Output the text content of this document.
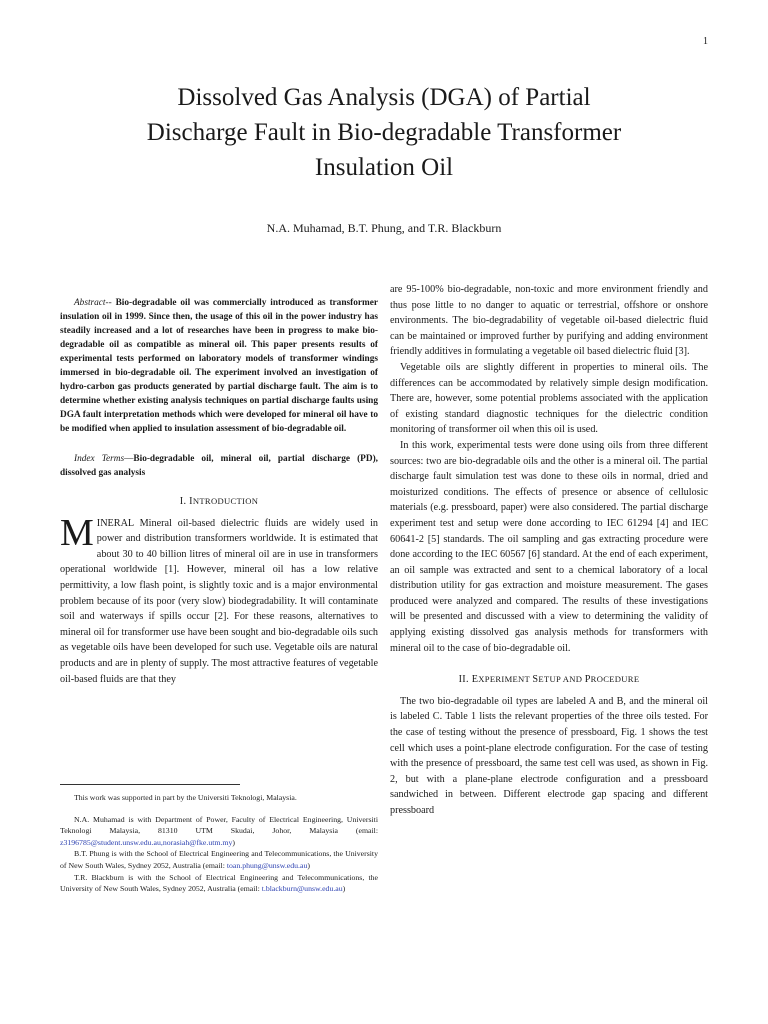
1
Dissolved Gas Analysis (DGA) of Partial
Discharge Fault in Bio-degradable Transformer
Insulation Oil
N.A. Muhamad, B.T. Phung, and T.R. Blackburn

Abstract-- Bio-degradable oil was commercially introduced as transformer insulation oil in 1999. Since then, the usage of this oil in the power industry has steadily increased and a lot of researches have been in progress to make bio-degradable oil as compatible as mineral oil. This paper presents results of experimental tests performed on laboratory models of transformer windings immersed in bio-degradable oil. The experiment involved an investigation of hydro-carbon gas products generated by partial discharge fault. The aim is to determine whether existing analysis techniques on partial discharge faults using DGA fault interpretation methods which were developed for mineral oil have to be modified when applied to insulation assessment of bio-degradable oil.

Index Terms—Bio-degradable oil, mineral oil, partial discharge (PD), dissolved gas analysis

I. INTRODUCTION

MINERAL Mineral oil-based dielectric fluids are widely used in power and distribution transformers worldwide. It is estimated that about 30 to 40 billion litres of mineral oil are in use in transformers operational worldwide [1]. However, mineral oil has a low relative permittivity, a low flash point, is slightly toxic and is a major environmental problem because of its poor (very slow) biodegradability. It will contaminate soil and waterways if spills occur [2]. For these reasons, alternatives to mineral oil for transformer use have been sought and bio-degradable oils such as vegetable oils have been developed for such use. Vegetable oils are natural products and are in plenty of supply. The most attractive features of vegetable oil-based fluids are that they

This work was supported in part by the Universiti Teknologi, Malaysia.

N.A. Muhamad is with Department of Power, Faculty of Electrical Engineering, Universiti Teknologi Malaysia, 81310 UTM Skudai, Johor, Malaysia (email: z3196785@student.unsw.edu.au,norasiah@fke.utm.my)

B.T. Phung is with the School of Electrical Engineering and Telecommunications, the University of New South Wales, Sydney 2052, Australia (email: toan.phung@unsw.edu.au)

T.R. Blackburn is with the School of Electrical Engineering and Telecommunications, the University of New South Wales, Sydney 2052, Australia (email: t.blackburn@unsw.edu.au)

are 95-100% bio-degradable, non-toxic and more environment friendly and thus pose little to no danger to aquatic or terrestrial, offshore or onshore environments. The bio-degradability of vegetable oil-based dielectric fluid can be maintained or improved further by purifying and adding environment friendly additives in formulating a vegetable oil based dielectric fluid [3].

Vegetable oils are slightly different in properties to mineral oils. The differences can be accommodated by relatively simple design modification. There are, however, some potential problems associated with the application of existing standard diagnostic techniques for the dielectric condition monitoring of transformer oil when this oil is used.

In this work, experimental tests were done using oils from three different sources: two are bio-degradable oils and the other is a mineral oil. The partial discharge fault simulation test was done to these oils in normal, dried and moisturized conditions. The effects of presence or absence of cellulosic materials (e.g. pressboard, paper) were also considered. The partial discharge experiment test and setup were done according to IEC 61294 [4] and IEC 60641-2 [5] standards. The oil sampling and gas extracting procedure were done according to the IEC 60567 [6] standard. At the end of each experiment, an oil sample was extracted and sent to a chemical laboratory of a local distribution utility for gas extraction and moisture measurement. The gases produced were analyzed and compared. The results of these investigations will be presented and discussed with a view to determining the validity of applying existing dissolved gas analysis methods for transformers with mineral oil to the case of bio-degradable oil.

II. EXPERIMENT SETUP AND PROCEDURE

The two bio-degradable oil types are labeled A and B, and the mineral oil is labeled C. Table 1 lists the relevant properties of the three oils tested. For the case of testing without the presence of pressboard, Fig. 1 shows the test cell which uses a point-plane electrode configuration. For the case of testing with the presence of pressboard, the same test cell was used, as shown in Fig. 2, but with a plane-plane electrode configuration and a pressboard sandwiched in between. Different electrode gap spacing and different pressboard
